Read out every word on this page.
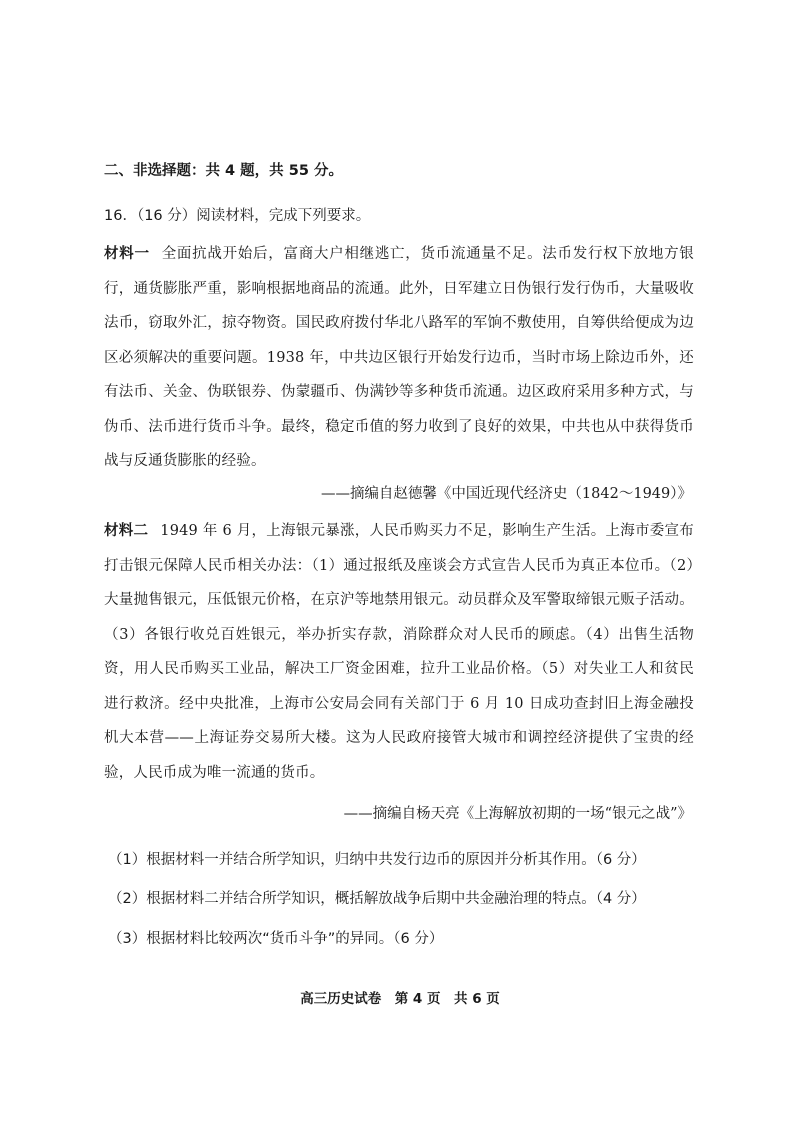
二、非选择题：共 4 题，共 55 分。
16．（16 分）阅读材料，完成下列要求。
材料一 全面抗战开始后，富商大户相继逃亡，货币流通量不足。法币发行权下放地方银行，通货膨胀严重，影响根据地商品的流通。此外，日军建立日伪银行发行伪币，大量吸收法币，窃取外汇，掠夺物资。国民政府拨付华北八路军的军饷不敷使用，自筹供给便成为边区必须解决的重要问题。1938 年，中共边区银行开始发行边币，当时市场上除边币外，还有法币、关金、伪联银券、伪蒙疆币、伪满钞等多种货币流通。边区政府采用多种方式，与伪币、法币进行货币斗争。最终，稳定币值的努力收到了良好的效果，中共也从中获得货币战与反通货膨胀的经验。
——摘编自赵德馨《中国近现代经济史（1842～1949）》
材料二 1949 年 6 月，上海银元暴涨，人民币购买力不足，影响生产生活。上海市委宣布打击银元保障人民币相关办法：（1）通过报纸及座谈会方式宣告人民币为真正本位币。（2）大量抛售银元，压低银元价格，在京沪等地禁用银元。动员群众及军警取缔银元贩子活动。（3）各银行收兑百姓银元，举办折实存款，消除群众对人民币的顾虑。（4）出售生活物资，用人民币购买工业品，解决工厂资金困难，拉升工业品价格。（5）对失业工人和贫民进行救济。经中央批准，上海市公安局会同有关部门于 6 月 10 日成功查封旧上海金融投机大本营——上海证券交易所大楼。这为人民政府接管大城市和调控经济提供了宝贵的经验，人民币成为唯一流通的货币。
——摘编自杨天亮《上海解放初期的一场“银元之战”》
（1）根据材料一并结合所学知识，归纳中共发行边币的原因并分析其作用。（6 分）
（2）根据材料二并结合所学知识，概括解放战争后期中共金融治理的特点。（4 分）
（3）根据材料比较两次“货币斗争”的异同。（6 分）
高三历史试卷　第 4 页　共 6 页
